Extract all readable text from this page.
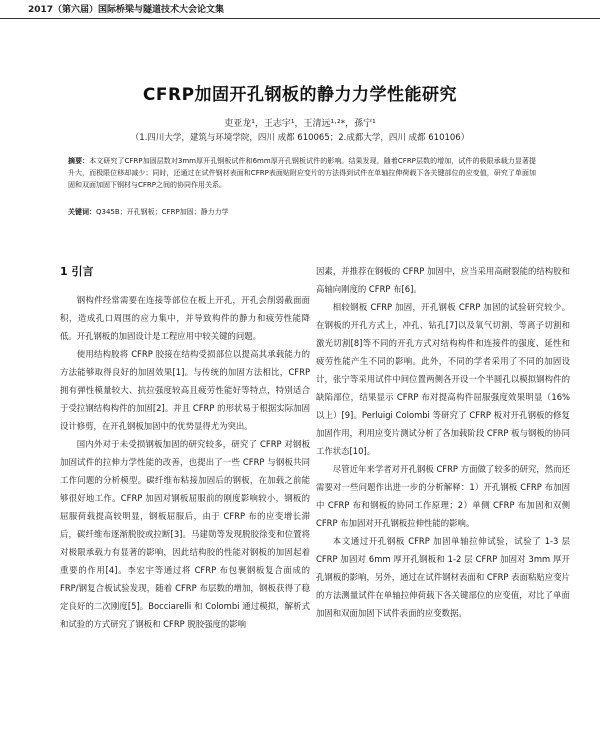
2017（第六届）国际桥梁与隧道技术大会论文集
CFRP加固开孔钢板的静力力学性能研究
吏亚龙¹，王志宇¹，王清远¹·²*，孫宁¹
（1.四川大学，建筑与环境学院，四川 成都 610065；2.成都大学，四川 成都 610106）
摘要：本文研究了CFRP加固层数对3mm厚开孔钢板试件和6mm厚开孔钢板试件的影响。结果发现，随着CFRP层数的增加，试件的极限承载力显著提升大，而极限位移却减少；同时，还通过在试件钢材表面和CFRP表面贴附应变片的方法得到试件在单轴拉伸荷载下各关键部位的应变值，研究了单面加固和双面加固下钢材与CFRP之间的协同作用关系。
关键词：Q345B；开孔钢板；CFRP加固；静力力学
1 引言

钢构件经常需要在连接等部位在板上开孔，开孔会削弱截面面积，造成孔口周围的应力集中，并导致构件的静力和疲劳性能降低。开孔钢板的加固设计是工程应用中较关键的问题。

使用结构胶将 CFRP 胶接在结构受损部位以提高其承载能力的方法能够取得良好的加固效果[1]。与传统的加固方法相比，CFRP 拥有弹性模量较大、抗拉强度较高且疲劳性能好等特点，特别适合于受拉钢结构构件的加固[2]。并且 CFRP 的形状易于根据实际加固设计修剪，在开孔钢板加固中的优势显得尤为突出。

国内外对于未受损钢板加固的研究较多，研究了 CFRP 对钢板加固试件的拉伸力学性能的改善，也提出了一些 CFRP 与钢板共同工作问题的分析模型。碳纤维布粘接加固后的钢板，在加载之前能够很好地工作。CFRP 加固对钢板屈服前的刚度影响较小，钢板的屈服荷载提高较明显，钢板屈服后，由于 CFRP 布的应变增长滞后，碳纤维布逐渐脱胶或拉断[3]。马建勋等发现脱胶徐变和位置将对极限承载力有显著的影响，因此结构胶的性能对钢板的加固起着重要的作用[4]。李宏宇等通过将 CFRP 布包裹钢板复合面成的 FRP/钢复合板试验发现，随着 CFRP 布层数的增加，钢板获得了稳定良好的二次刚度[5]。Bocciarelli 和 Colombi 通过模拟，解析式和试验的方式研究了钢板和 CFRP 脱胶强度的影响

因素，并推荐在钢板的 CFRP 加固中，应当采用高耐裂能的结构胶和高轴向刚度的 CFRP 布[6]。

相较钢板 CFRP 加固，开孔钢板 CFRP 加固的试验研究较少。在钢板的开孔方式上，冲孔、钻孔[7]以及氧气切割、等离子切割和激光切割[8]等不同的开孔方式对结构构件和连接件的强度、延性和疲劳性能产生不同的影响。此外，不同的学者采用了不同的加固设计，张宁等采用试件中间位置两侧各开设一个半圆孔以模拟钢构件的缺陷部位，结果显示 CFRP 布对提高构件屈服强度效果明显（16% 以上）[9]。Perluigi Colombi 等研究了 CFRP 板对开孔钢板的修复加固作用，利用应变片测试分析了各加载阶段 CFRP 板与钢板的协同工作状态[10]。

尽管近年来学者对开孔钢板 CFRP 方面做了较多的研究，然而还需要对一些问题作出进一步的分析解释：1）开孔钢板 CFRP 布加固中 CFRP 布和钢板的协同工作原理；2）单侧 CFRP 布加固和双侧 CFRP 布加固对开孔钢板拉伸性能的影响。

本文通过开孔钢板 CFRP 加固单轴拉伸试验，试验了 1-3 层 CFRP 加固对 6mm 厚开孔钢板和 1-2 层 CFRP 加固对 3mm 厚开孔钢板的影响，另外，通过在试件钢材表面和 CFRP 表面粘贴应变片的方法测量试件在单轴拉伸荷载下各关键部位的应变值，对比了单面加固和双面加固下试件表面的应变数据。
